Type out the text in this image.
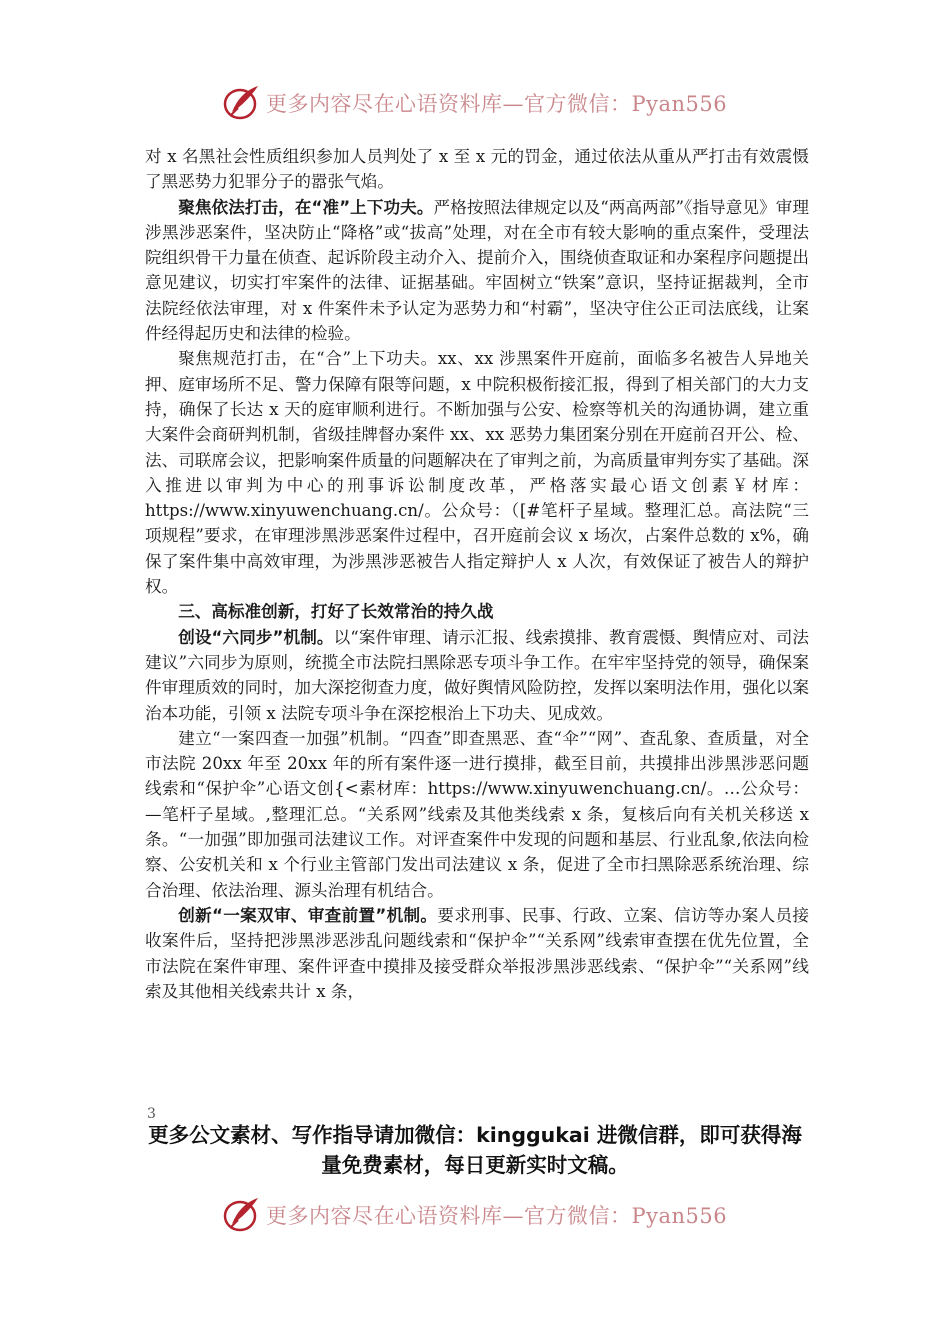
更多内容尽在心语资料库—官方微信：Pyan556

对 x 名黑社会性质组织参加人员判处了 x 至 x 元的罚金，通过依法从重从严打击有效震慑了黑恶势力犯罪分子的嚣张气焰。

聚焦依法打击，在“准”上下功夫。严格按照法律规定以及“两高两部”《指导意见》审理涉黑涉恶案件，坚决防止“降格”或“拔高”处理，对在全市有较大影响的重点案件，受理法院组织骨干力量在侦查、起诉阶段主动介入、提前介入，围绕侦查取证和办案程序问题提出意见建议，切实打牢案件的法律、证据基础。牢固树立“铁案”意识，坚持证据裁判，全市法院经依法审理，对 x 件案件未予认定为恶势力和“村霸”，坚决守住公正司法底线，让案件经得起历史和法律的检验。

聚焦规范打击，在“合”上下功夫。xx、xx 涉黑案件开庭前，面临多名被告人异地关押、庭审场所不足、警力保障有限等问题，x 中院积极衔接汇报，得到了相关部门的大力支持，确保了长达 x 天的庭审顺利进行。不断加强与公安、检察等机关的沟通协调，建立重大案件会商研判机制，省级挂牌督办案件 xx、xx 恶势力集团案分别在开庭前召开公、检、法、司联席会议，把影响案件质量的问题解决在了审判之前，为高质量审判夯实了基础。深入推进以审判为中心的刑事诉讼制度改革，严格落实最心语文创素￥材库：https://www.xinyuwenchuang.cn/。公众号：（[#笔杆子星域。整理汇总。高法院“三项规程”要求，在审理涉黑涉恶案件过程中，召开庭前会议 x 场次，占案件总数的 x%，确保了案件集中高效审理，为涉黑涉恶被告人指定辩护人 x 人次，有效保证了被告人的辩护权。

三、高标准创新，打好了长效常治的持久战

创设“六同步”机制。以“案件审理、请示汇报、线索摸排、教育震慑、舆情应对、司法建议”六同步为原则，统揽全市法院扫黑除恶专项斗争工作。在牢牢坚持党的领导，确保案件审理质效的同时，加大深挖彻查力度，做好舆情风险防控，发挥以案明法作用，强化以案治本功能，引领 x 法院专项斗争在深挖根治上下功夫、见成效。

建立“一案四查一加强”机制。“四查”即查黑恶、查“伞”“网”、查乱象、查质量，对全市法院 20xx 年至 20xx 年的所有案件逐一进行摸排，截至目前，共摸排出涉黑涉恶问题线索和“保护伞”心语文创{<素材库：https://www.xinyuwenchuang.cn/。…公众号：—笔杆子星域。,整理汇总。“关系网”线索及其他类线索 x 条，复核后向有关机关移送 x 条。“一加强”即加强司法建议工作。对评查案件中发现的问题和基层、行业乱象,依法向检察、公安机关和 x 个行业主管部门发出司法建议 x 条，促进了全市扫黑除恶系统治理、综合治理、依法治理、源头治理有机结合。

创新“一案双审、审查前置”机制。要求刑事、民事、行政、立案、信访等办案人员接收案件后，坚持把涉黑涉恶涉乱问题线索和“保护伞”“关系网”线索审查摆在优先位置，全市法院在案件审理、案件评查中摸排及接受群众举报涉黑涉恶线索、“保护伞”“关系网”线索及其他相关线索共计 x 条，

3
更多公文素材、写作指导请加微信：kinggukai 进微信群，即可获得海量免费素材，每日更新实时文稿。
更多内容尽在心语资料库—官方微信：Pyan556
